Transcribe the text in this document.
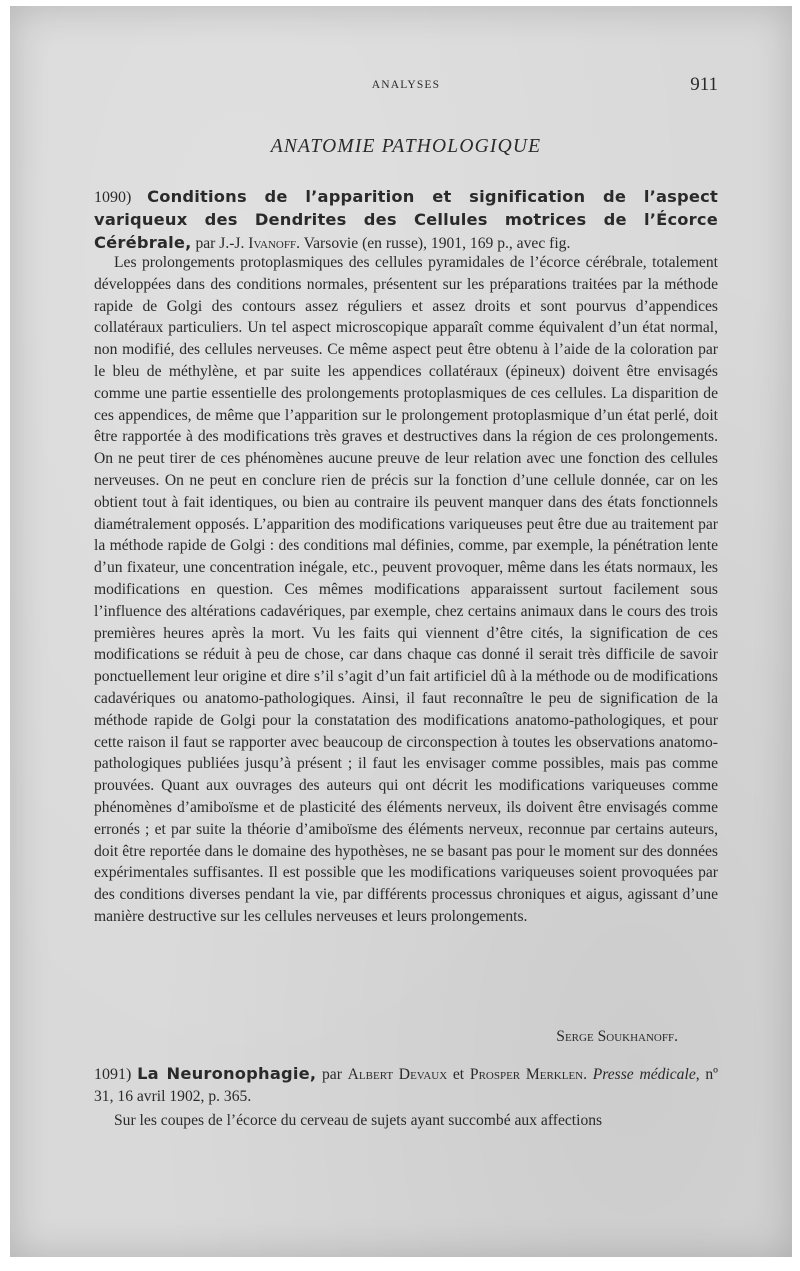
ANALYSES	911
ANATOMIE PATHOLOGIQUE
1090) Conditions de l’apparition et signification de l’aspect variqueux des Dendrites des Cellules motrices de l’Écorce Cérébrale, par J.-J. Ivanoff. Varsovie (en russe), 1901, 169 p., avec fig.
Les prolongements protoplasmiques des cellules pyramidales de l’écorce cérébrale, totalement développées dans des conditions normales, présentent sur les préparations traitées par la méthode rapide de Golgi des contours assez réguliers et assez droits et sont pourvus d’appendices collatéraux particuliers. Un tel aspect microscopique apparaît comme équivalent d’un état normal, non modifié, des cellules nerveuses. Ce même aspect peut être obtenu à l’aide de la coloration par le bleu de méthylène, et par suite les appendices collatéraux (épineux) doivent être envisagés comme une partie essentielle des prolongements protoplasmiques de ces cellules. La disparition de ces appendices, de même que l’apparition sur le prolongement protoplasmique d’un état perlé, doit être rapportée à des modifications très graves et destructives dans la région de ces prolongements. On ne peut tirer de ces phénomènes aucune preuve de leur relation avec une fonction des cellules nerveuses. On ne peut en conclure rien de précis sur la fonction d’une cellule donnée, car on les obtient tout à fait identiques, ou bien au contraire ils peuvent manquer dans des états fonctionnels diamétralement opposés. L’apparition des modifications variqueuses peut être due au traitement par la méthode rapide de Golgi : des conditions mal définies, comme, par exemple, la pénétration lente d’un fixateur, une concentration inégale, etc., peuvent provoquer, même dans les états normaux, les modifications en question. Ces mêmes modifications apparaissent surtout facilement sous l’influence des altérations cadavériques, par exemple, chez certains animaux dans le cours des trois premières heures après la mort. Vu les faits qui viennent d’être cités, la signification de ces modifications se réduit à peu de chose, car dans chaque cas donné il serait très difficile de savoir ponctuellement leur origine et dire s’il s’agit d’un fait artificiel dû à la méthode ou de modifications cadavériques ou anatomo-pathologiques. Ainsi, il faut reconnaître le peu de signification de la méthode rapide de Golgi pour la constatation des modifications anatomo-pathologiques, et pour cette raison il faut se rapporter avec beaucoup de circonspection à toutes les observations anatomo-pathologiques publiées jusqu’à présent ; il faut les envisager comme possibles, mais pas comme prouvées. Quant aux ouvrages des auteurs qui ont décrit les modifications variqueuses comme phénomènes d’amiboïsme et de plasticité des éléments nerveux, ils doivent être envisagés comme erronés ; et par suite la théorie d’amiboïsme des éléments nerveux, reconnue par certains auteurs, doit être reportée dans le domaine des hypothèses, ne se basant pas pour le moment sur des données expérimentales suffisantes. Il est possible que les modifications variqueuses soient provoquées par des conditions diverses pendant la vie, par différents processus chroniques et aigus, agissant d’une manière destructive sur les cellules nerveuses et leurs prolongements.
Serge Soukhanoff.
1091) La Neuronophagie, par Albert Devaux et Prosper Merklen. Presse médicale, nº 31, 16 avril 1902, p. 365.
Sur les coupes de l’écorce du cerveau de sujets ayant succombé aux affections
